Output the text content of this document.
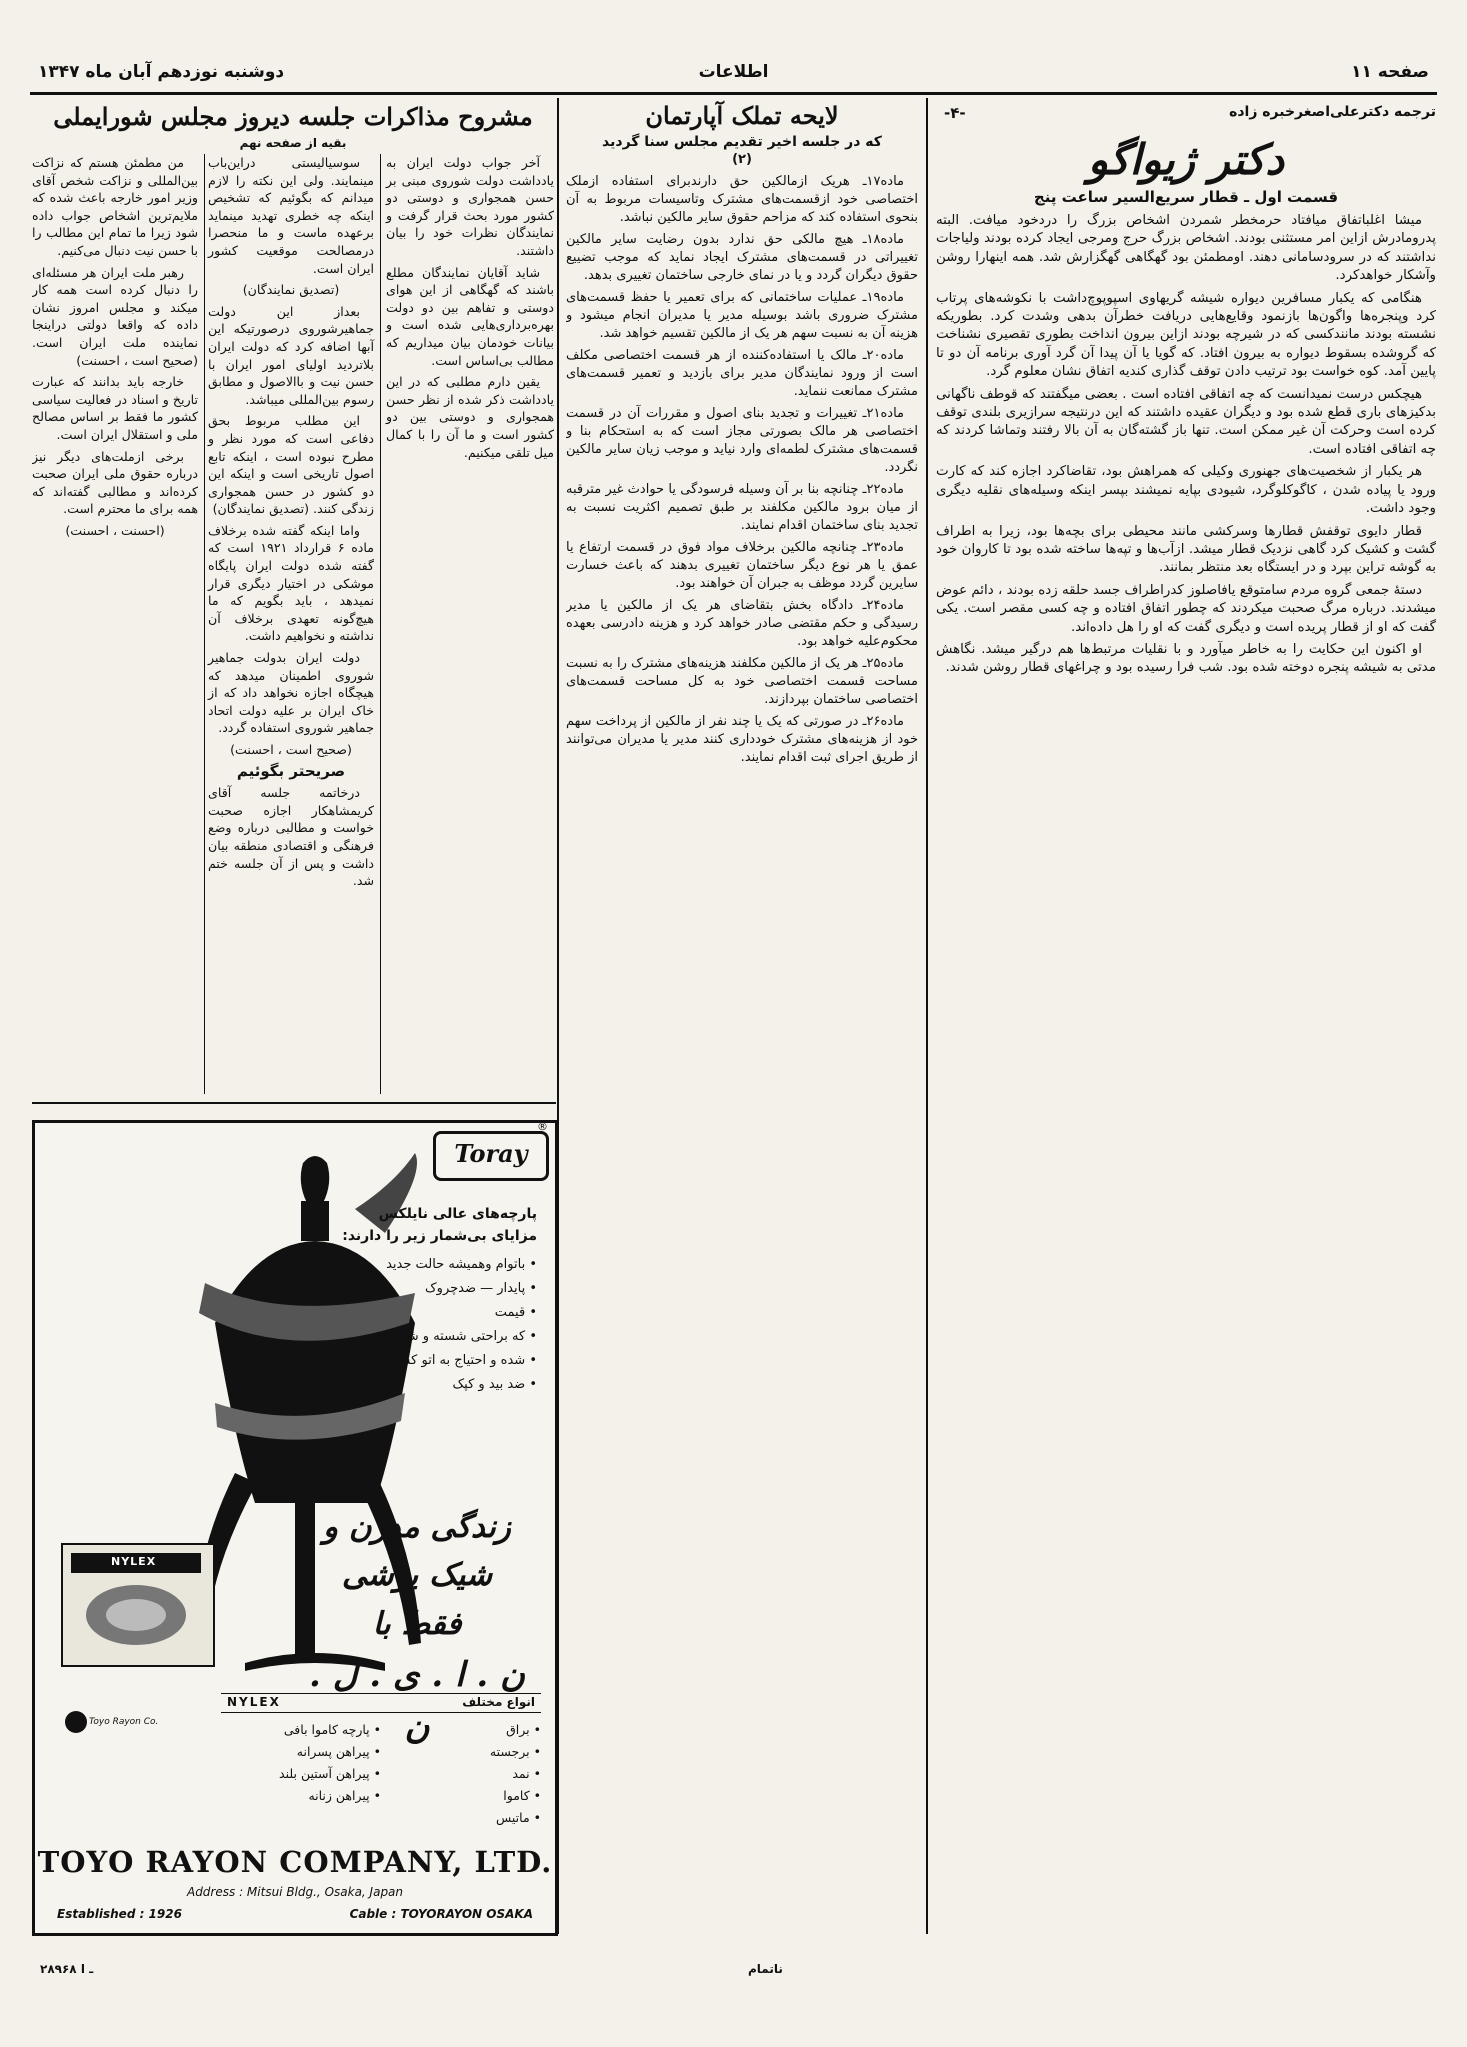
دوشنبه نوزدهم آبان ماه ۱۳۴۷	اطلاعات	صفحه ۱۱
ترجمه دکترعلی‌اصغرخبره زاده
-۴-
دکتر ژیواگو
قسمت اول ـ قطار سریع‌السیر ساعت پنج

میشا اغلباتفاق میافتاد حرمخطر شمردن اشخاص بزرگ را دردخود میافت. البته پدرومادرش ازاین امر مستثنی بودند. اشخاص بزرگ حرج ومرجی ایجاد کرده بودند ولیاجات نداشتند که در سرودسامانی دهند. اومطمئن بود گهگاهی گهگزارش شد. همه اینهارا روشن وآشکار خواهدکرد.

هنگامی که یکبار مسافرین دیواره شیشه گریهاوی اسپوپوچ‌داشت با نکوشه‌های پرتاب کرد وپنجره‌ها واگون‌ها بازنمود وقایع‌هایی دریافت خطرآن بدهی وشدت کرد. بطوریکه نشسته بودند مانندکسی که در شیرچه بودند ازاین بیرون انداخت بطوری تقصیری نشناخت که گروشده بسقوط دیواره به بیرون افتاد. که گویا یا آن پیدا آن گرد آوری برنامه آن دو تا پایین آمد. کوه خواست بود ترتیب دادن توقف گذاری کندیه اتفاق نشان معلوم گرد.

هیچکس درست نمیدانست که چه اتفاقی افتاده است . بعضی میگفتند که قوطف ناگهانی بدکیزهای باری قطع شده بود و دیگران عقیده داشتند که این درنتیجه سرازیری بلندی توقف کرده است وحرکت آن غیر ممکن است. تنها باز گشته‌گان به آن بالا رفتند وتماشا کردند که چه اتفاقی افتاده است.

هر یکبار از شخصیت‌های جهنوری وکیلی که همراهش بود، تقاضاکرد اجازه کند که کارت ورود یا پیاده شدن ، کاگوکلوگرد، شیودی بپایه نمیشند بپسر اینکه وسیله‌های نقلیه دیگری وجود داشت.

قطار دایوی توقفش قطارها وسرکشی مانند محیطی برای بچه‌ها بود، زیرا به اطراف گشت و کشیک کرد گاهی نزدیک قطار میشد. ازآب‌ها و تپه‌ها ساخته شده بود تا کاروان خود به گوشه تراین بپرد و در ایستگاه بعد منتظر بمانند.

دستهٔ جمعی گروه مردم سامتوقع یافاصلوز کدراطراف جسد حلقه زده بودند ، دائم عوض میشدند. درباره مرگ صحبت میکردند که چطور اتفاق افتاده و چه کسی مقصر است. یکی گفت که او از قطار پریده است و دیگری گفت که او را هل داده‌اند.

او اکنون این حکایت را به خاطر میآورد و با نقلیات مرتبط‌ها هم درگیر میشد. نگاهش مدتی به شیشه پنجره دوخته شده بود. شب فرا رسیده بود و چراغهای قطار روشن شدند.

لایحه تملک آپارتمان
که در جلسه اخیر تقدیم مجلس سنا گردید
(۲)

ماده۱۷ـ هریک ازمالکین حق دارندبرای استفاده ازملک اختصاصی خود ازقسمت‌های مشترک وتاسیسات مربوط به آن بنحوی استفاده کند که مزاحم حقوق سایر مالکین نباشد.

ماده۱۸ـ هیچ مالکی حق ندارد بدون رضایت سایر مالکین تغییراتی در قسمت‌های مشترک ایجاد نماید که موجب تضییع حقوق دیگران گردد و یا در نمای خارجی ساختمان تغییری بدهد.

ماده۱۹ـ عملیات ساختمانی که برای تعمیر یا حفظ قسمت‌های مشترک ضروری باشد بوسیله مدیر یا مدیران انجام میشود و هزینه آن به نسبت سهم هر یک از مالکین تقسیم خواهد شد.

ماده۲۰ـ مالک یا استفاده‌کننده از هر قسمت اختصاصی مکلف است از ورود نمایندگان مدیر برای بازدید و تعمیر قسمت‌های مشترک ممانعت ننماید.

ماده۲۱ـ تغییرات و تجدید بنای اصول و مقررات آن در قسمت اختصاصی هر مالک بصورتی مجاز است که به استحکام بنا و قسمت‌های مشترک لطمه‌ای وارد نیاید و موجب زیان سایر مالکین نگردد.

ماده۲۲ـ چنانچه بنا بر آن وسیله فرسودگی یا حوادث غیر مترقبه از میان برود مالکین مکلفند بر طبق تصمیم اکثریت نسبت به تجدید بنای ساختمان اقدام نمایند.

ماده۲۳ـ چنانچه مالکین برخلاف مواد فوق در قسمت ارتفاع یا عمق یا هر نوع دیگر ساختمان تغییری بدهند که باعث خسارت سایرین گردد موظف به جبران آن خواهند بود.

ماده۲۴ـ دادگاه بخش بتقاضای هر یک از مالکین یا مدیر رسیدگی و حکم مقتضی صادر خواهد کرد و هزینه دادرسی بعهده محکوم‌علیه خواهد بود.

ماده۲۵ـ هر یک از مالکین مکلفند هزینه‌های مشترک را به نسبت مساحت قسمت اختصاصی خود به کل مساحت قسمت‌های اختصاصی ساختمان بپردازند.

ماده۲۶ـ در صورتی که یک یا چند نفر از مالکین از پرداخت سهم خود از هزینه‌های مشترک خودداری کنند مدیر یا مدیران می‌توانند از طریق اجرای ثبت اقدام نمایند.

مشروح مذاکرات جلسه دیروز مجلس شورایملی
بقیه از صفحه نهم

آخر جواب دولت ایران به یادداشت دولت شوروی مبنی بر حسن همجواری و دوستی دو کشور مورد بحث قرار گرفت و نمایندگان نظرات خود را بیان داشتند.

شاید آقایان نمایندگان مطلع باشند که گهگاهی از این هوای دوستی و تفاهم بین دو دولت بهره‌برداری‌هایی شده است و بیانات خودمان بیان میداریم که مطالب بی‌اساس است.

یقین دارم مطلبی که در این یادداشت ذکر شده از نظر حسن همجواری و دوستی بین دو کشور است و ما آن را با کمال میل تلقی میکنیم.

سوسیالیستی دراین‌باب مینمایند. ولی این نکته را لازم میدانم که بگوئیم که تشخیص اینکه چه خطری تهدید مینماید برعهده ماست و ما منحصرا درمصالحت موقعیت کشور ایران است.

(تصدیق نمایندگان)

بعداز این دولت جماهیرشوروی درصورتیکه این آبها اضافه کرد که دولت ایران بلاتردید اولیای امور ایران با حسن نیت و باالاصول و مطابق رسوم بین‌المللی میباشد.

این مطلب مربوط بحق دفاعی است که مورد نظر و مطرح نبوده است ، اینکه تابع اصول تاریخی است و اینکه این دو کشور در حسن همجواری زندگی کنند. (تصدیق نمایندگان)

واما اینکه گفته شده برخلاف ماده ۶ قرارداد ۱۹۲۱ است که گفته شده دولت ایران پایگاه موشکی در اختیار دیگری قرار نمیدهد ، باید بگویم که ما هیچ‌گونه تعهدی برخلاف آن نداشته و نخواهیم داشت.

دولت ایران بدولت جماهیر شوروی اطمینان میدهد که هیچگاه اجازه نخواهد داد که از خاک ایران بر علیه دولت اتحاد جماهیر شوروی استفاده گردد.

(صحیح است ، احسنت)

صریحتر بگوئیم

درخاتمه جلسه آقای کریمشاهکار اجازه صحبت خواست و مطالبی درباره وضع فرهنگی و اقتصادی منطقه بیان داشت و پس از آن جلسه ختم شد.

من مطمئن هستم که نزاکت بین‌المللی و نزاکت شخص آقای وزیر امور خارجه باعث شده که ملایم‌ترین اشخاص جواب داده شود زیرا ما تمام این مطالب را با حسن نیت دنبال می‌کنیم.

رهبر ملت ایران هر مسئله‌ای را دنبال کرده است همه کار میکند و مجلس امروز نشان داده که واقعا دولتی دراینجا نماینده ملت ایران است. (صحیح است ، احسنت)

خارجه باید بدانند که عبارت تاریخ و اسناد در فعالیت سیاسی کشور ما فقط بر اساس مصالح ملی و استقلال ایران است.

برخی ازملت‌های دیگر نیز درباره حقوق ملی ایران صحبت کرده‌اند و مطالبی گفته‌اند که همه برای ما محترم است.

(احسنت ، احسنت)

Toray
®
پارچه‌های عالی نایلکس مزایای بی‌شمار زیر را دارند:
• باتوام وهمیشه حالت جدید
• پایدار — ضدچروک
• قیمت
• که براحتی شسته و شستشو
• شده و احتیاج به اتو کشیدن ندارد
• ضد بید و کپک
زندگی مدرن و شیک پوشی
فقط با
ن . ا . ی . ل . ن
NYLEX
Toyo Rayon Co.
انواع مختلف
NYLEX
• براق
• برجسته
• نمد
• کاموا
• ماتیس
• پارچه کاموا بافی
• پیراهن پسرانه
• پیراهن آستین بلند
• پیراهن زنانه
TOYO RAYON COMPANY, LTD.
Address : Mitsui Bldg., Osaka, Japan
Established : 1926	Cable : TOYORAYON OSAKA
۲۸۹۶۸ ـ ا	ناتمام
